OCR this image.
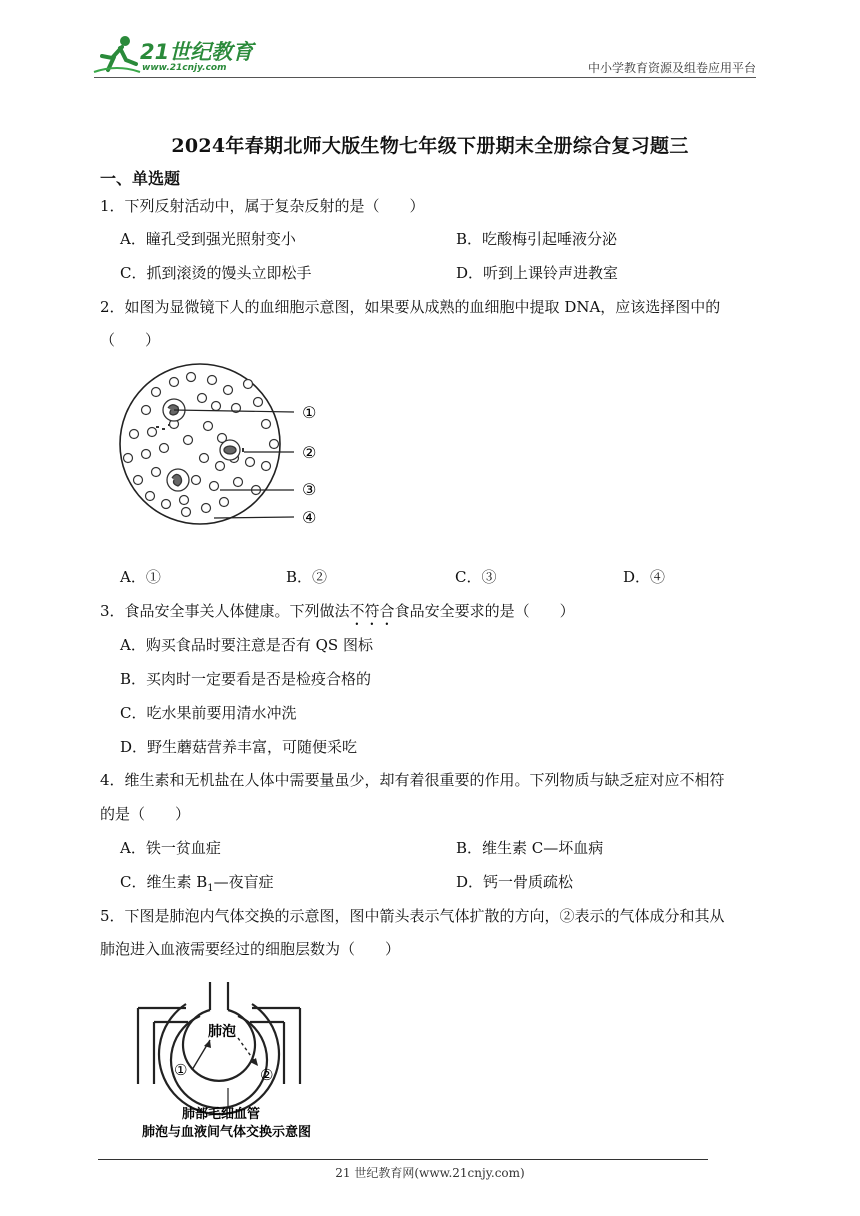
21世纪教育
www.21cnjy.com	中小学教育资源及组卷应用平台
2024年春期北师大版生物七年级下册期末全册综合复习题三
一、单选题
1．下列反射活动中，属于复杂反射的是（　　）
A．瞳孔受到强光照射变小	B．吃酸梅引起唾液分泌
C．抓到滚烫的馒头立即松手	D．听到上课铃声进教室
2．如图为显微镜下人的血细胞示意图，如果要从成熟的血细胞中提取 DNA，应该选择图中的
（　　）
①
②
③
④
A．①	B．②	C．③	D．④
3．食品安全事关人体健康。下列做法不符合食品安全要求的是（　　）
A．购买食品时要注意是否有 QS 图标
B．买肉时一定要看是否是检疫合格的
C．吃水果前要用清水冲洗
D．野生蘑菇营养丰富，可随便采吃
4．维生素和无机盐在人体中需要量虽少，却有着很重要的作用。下列物质与缺乏症对应不相符
的是（　　）
A．铁一贫血症	B．维生素 C—坏血病
C．维生素 $B_1—$夜盲症	D．钙一骨质疏松
5．下图是肺泡内气体交换的示意图，图中箭头表示气体扩散的方向，②表示的气体成分和其从
肺泡进入血液需要经过的细胞层数为（　　）
肺泡
①	②
肺部毛细血管
肺泡与血液间气体交换示意图
21 世纪教育网(www.21cnjy.com)
